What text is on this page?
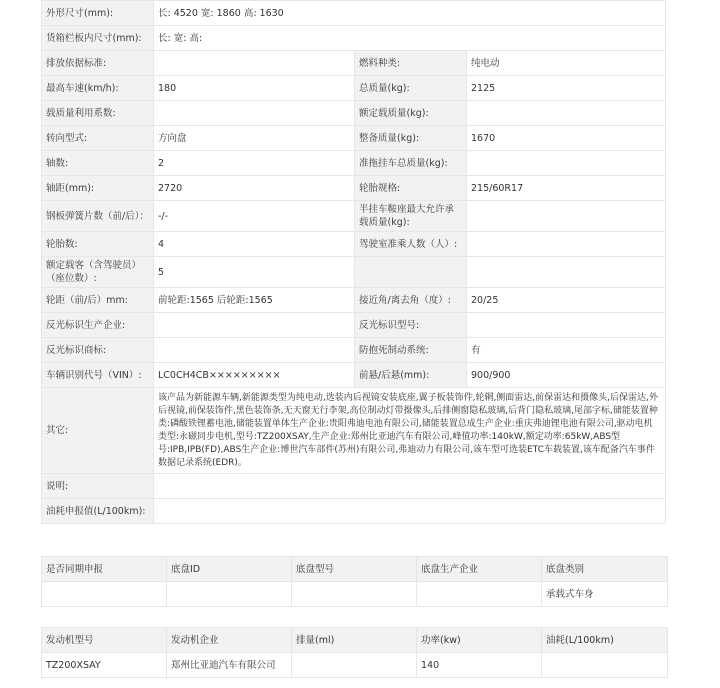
外形尺寸(mm):	长: 4520 宽: 1860 高: 1630		
货箱栏板内尺寸(mm):	长: 宽: 高:		
排放依据标准:		燃料种类:	纯电动
最高车速(km/h):	180	总质量(kg):	2125
载质量利用系数:		额定载质量(kg):	
转向型式:	方向盘	整备质量(kg):	1670
轴数:	2	准拖挂车总质量(kg):	
轴距(mm):	2720	轮胎规格:	215/60R17
钢板弹簧片数（前/后）：	-/-	半挂车鞍座最大允许承载质量(kg):	
轮胎数:	4	驾驶室准乘人数（人）:	
额定载客（含驾驶员）（座位数）:	5		
轮距（前/后）mm:	前轮距:1565 后轮距:1565	接近角/离去角（度）:	20/25
反光标识生产企业:		反光标识型号:	
反光标识商标:		防抱死制动系统:	有
车辆识别代号（VIN）:	LC0CH4CB×××××××××	前悬/后悬(mm):	900/900
其它:	该产品为新能源车辆,新能源类型为纯电动,选装内后视镜安装底座,翼子板装饰件,轮辋,侧面雷达,前保雷达和摄像头,后保雷达,外后视镜,前保装饰件,黑色装饰条,无天窗无行李架,高位制动灯带摄像头,后排侧窗隐私玻璃,后背门隐私玻璃,尾部字标,储能装置种类:磷酸铁锂蓄电池,储能装置单体生产企业:贵阳弗迪电池有限公司,储能装置总成生产企业:重庆弗迪锂电池有限公司,驱动电机类型:永磁同步电机,型号:TZ200XSAY,生产企业:郑州比亚迪汽车有限公司,峰值功率:140kW,额定功率:65kW,ABS型号:IPB,IPB(FD),ABS生产企业:博世汽车部件(苏州)有限公司,弗迪动力有限公司,该车型可选装ETC车载装置,该车配备汽车事件数据记录系统(EDR)。		
说明:			
油耗申报值(L/100km):			
是否同期申报	底盘ID	底盘型号	底盘生产企业	底盘类别
				承载式车身
发动机型号	发动机企业	排量(ml)	功率(kw)	油耗(L/100km)
TZ200XSAY	郑州比亚迪汽车有限公司		140	
